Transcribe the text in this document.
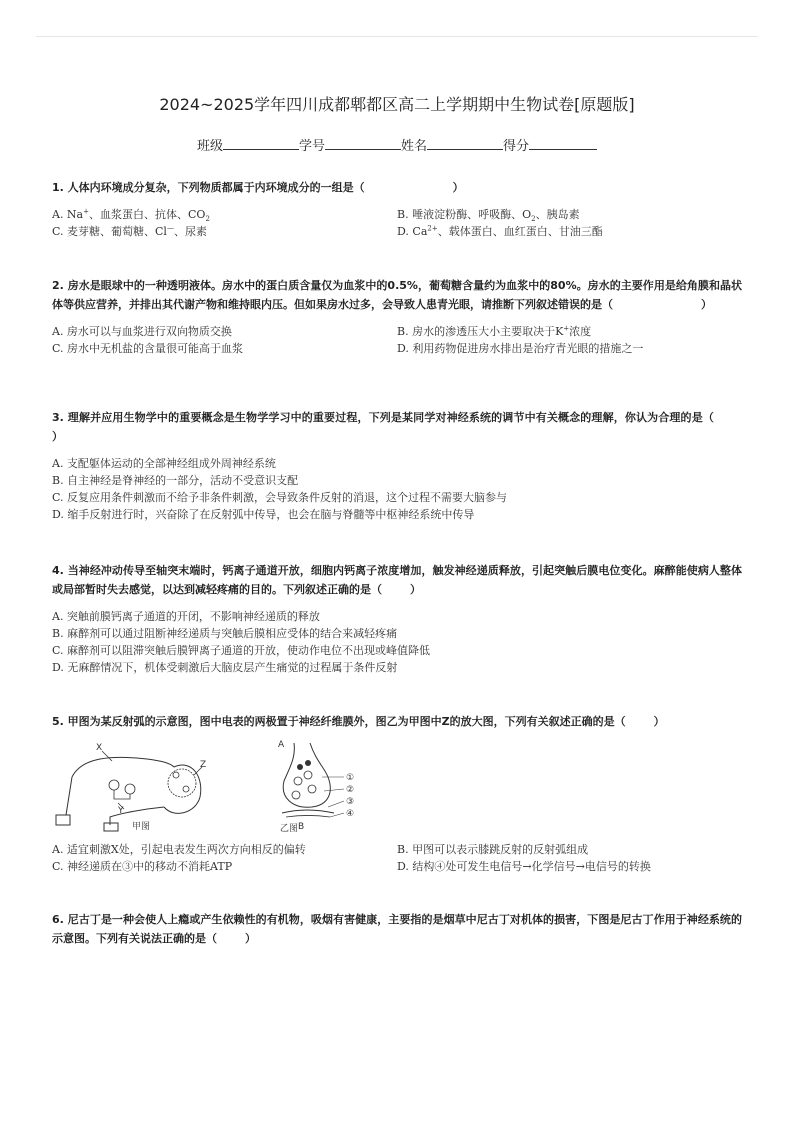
2024~2025学年四川成都郫都区高二上学期期中生物试卷[原题版]
班级	学号	姓名	得分
1. 人体内环境成分复杂，下列物质都属于内环境成分的一组是（	）
A. Na+、血浆蛋白、抗体、$CO_2$	B. 唾液淀粉酶、呼吸酶、$O_2$、胰岛素
C. 麦芽糖、葡萄糖、Cl—、尿素	D. $Ca^{2+}$、载体蛋白、血红蛋白、甘油三酯
2. 房水是眼球中的一种透明液体。房水中的蛋白质含量仅为血浆中的0.5%，葡萄糖含量约为血浆中的80%。房水的主要作用是给角膜和晶状体等供应营养，并排出其代谢产物和维持眼内压。但如果房水过多，会导致人患青光眼，请推断下列叙述错误的是（	）
A. 房水可以与血浆进行双向物质交换	B. 房水的渗透压大小主要取决于K+浓度
C. 房水中无机盐的含量很可能高于血浆	D. 利用药物促进房水排出是治疗青光眼的措施之一
3. 理解并应用生物学中的重要概念是生物学学习中的重要过程，下列是某同学对神经系统的调节中有关概念的理解，你认为合理的是（）
A. 支配躯体运动的全部神经组成外周神经系统
B. 自主神经是脊神经的一部分，活动不受意识支配
C. 反复应用条件刺激而不给予非条件刺激，会导致条件反射的消退，这个过程不需要大脑参与
D. 缩手反射进行时，兴奋除了在反射弧中传导，也会在脑与脊髓等中枢神经系统中传导
4. 当神经冲动传导至轴突末端时，钙离子通道开放，细胞内钙离子浓度增加，触发神经递质释放，引起突触后膜电位变化。麻醉能使病人整体或局部暂时失去感觉，以达到减轻疼痛的目的。下列叙述正确的是（	）
A. 突触前膜钙离子通道的开闭，不影响神经递质的释放
B. 麻醉剂可以通过阻断神经递质与突触后膜相应受体的结合来减轻疼痛
C. 麻醉剂可以阻滞突触后膜钾离子通道的开放，使动作电位不出现或峰值降低
D. 无麻醉情况下，机体受刺激后大脑皮层产生痛觉的过程属于条件反射
5. 甲图为某反射弧的示意图，图中电表的两极置于神经纤维膜外，图乙为甲图中Z的放大图，下列有关叙述正确的是（	）
X
Y
Z
甲图
A
B
①
②
③
④
乙图
A. 适宜刺激X处，引起电表发生两次方向相反的偏转	B. 甲图可以表示膝跳反射的反射弧组成
C. 神经递质在③中的移动不消耗ATP	D. 结构④处可发生电信号→化学信号→电信号的转换
6. 尼古丁是一种会使人上瘾或产生依赖性的有机物，吸烟有害健康，主要指的是烟草中尼古丁对机体的损害，下图是尼古丁作用于神经系统的示意图。下列有关说法正确的是（	）
